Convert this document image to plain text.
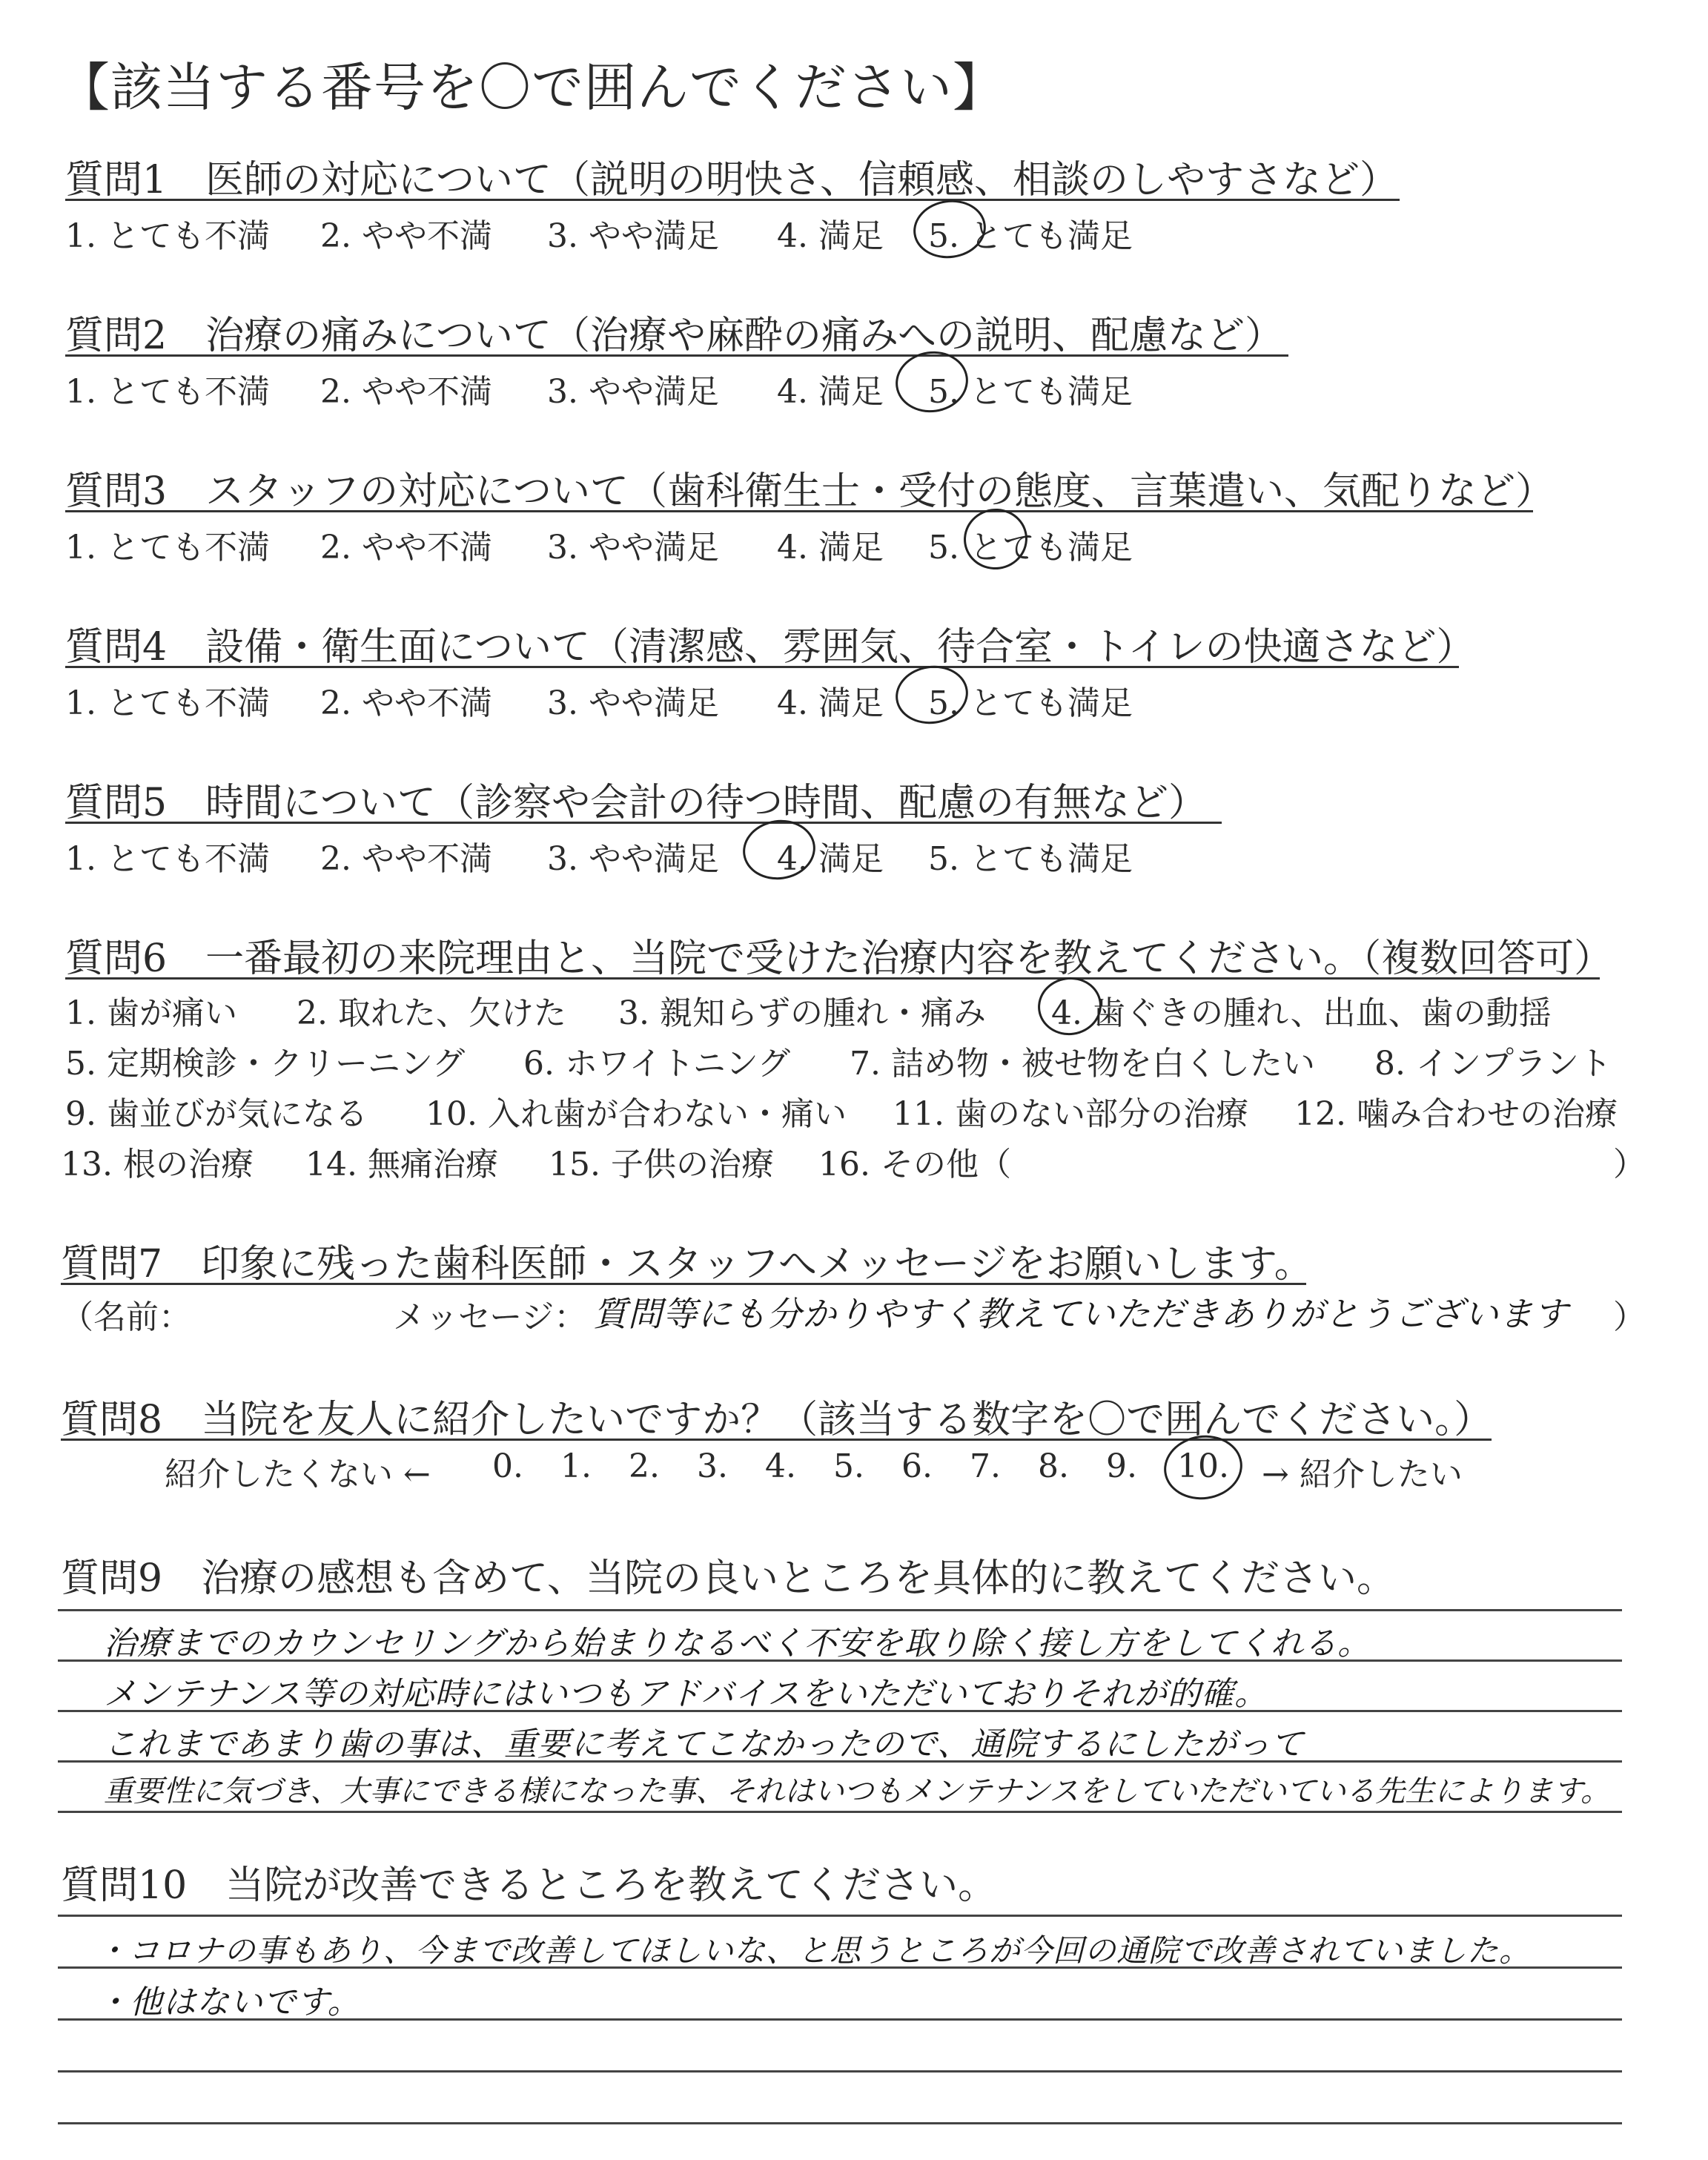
【該当する番号を〇で囲んでください】
質問1　医師の対応について（説明の明快さ、信頼感、相談のしやすさなど）
1. とても不満 2. やや不満 3. やや満足 4. 満足 5. とても満足
質問2　治療の痛みについて（治療や麻酔の痛みへの説明、配慮など）
1. とても不満 2. やや不満 3. やや満足 4. 満足 5. とても満足
質問3　スタッフの対応について（歯科衛生士・受付の態度、言葉遣い、気配りなど）
1. とても不満 2. やや不満 3. やや満足 4. 満足 5. とても満足
質問4　設備・衛生面について（清潔感、雰囲気、待合室・トイレの快適さなど）
1. とても不満 2. やや不満 3. やや満足 4. 満足 5. とても満足
質問5　時間について（診察や会計の待つ時間、配慮の有無など）
1. とても不満 2. やや不満 3. やや満足 4. 満足 5. とても満足
質問6　一番最初の来院理由と、当院で受けた治療内容を教えてください。（複数回答可）
1. 歯が痛い 2. 取れた、欠けた 3. 親知らずの腫れ・痛み 4. 歯ぐきの腫れ、出血、歯の動揺
5. 定期検診・クリーニング 6. ホワイトニング 7. 詰め物・被せ物を白くしたい 8. インプラント
9. 歯並びが気になる 10. 入れ歯が合わない・痛い 11. 歯のない部分の治療 12. 噛み合わせの治療
13. 根の治療 14. 無痛治療 15. 子供の治療 16. その他（	）
質問7　印象に残った歯科医師・スタッフへメッセージをお願いします。
（名前：	メッセージ： 質問等にも分かりやすく教えていただきありがとうございます ）
質問8　当院を友人に紹介したいですか？（該当する数字を〇で囲んでください。）
紹介したくない ← 0. 1. 2. 3. 4. 5. 6. 7. 8. 9. 10. → 紹介したい
質問9　治療の感想も含めて、当院の良いところを具体的に教えてください。
治療までのカウンセリングから始まりなるべく不安を取り除く接し方をしてくれる。
メンテナンス等の対応時にはいつもアドバイスをいただいておりそれが的確。
これまであまり歯の事は、重要に考えてこなかったので、通院するにしたがって
重要性に気づき、大事にできる様になった事、それはいつもメンテナンスをしていただいている先生によります。
質問10　当院が改善できるところを教えてください。
・コロナの事もあり、今まで改善してほしいな、と思うところが今回の通院で改善されていました。
・他はないです。
